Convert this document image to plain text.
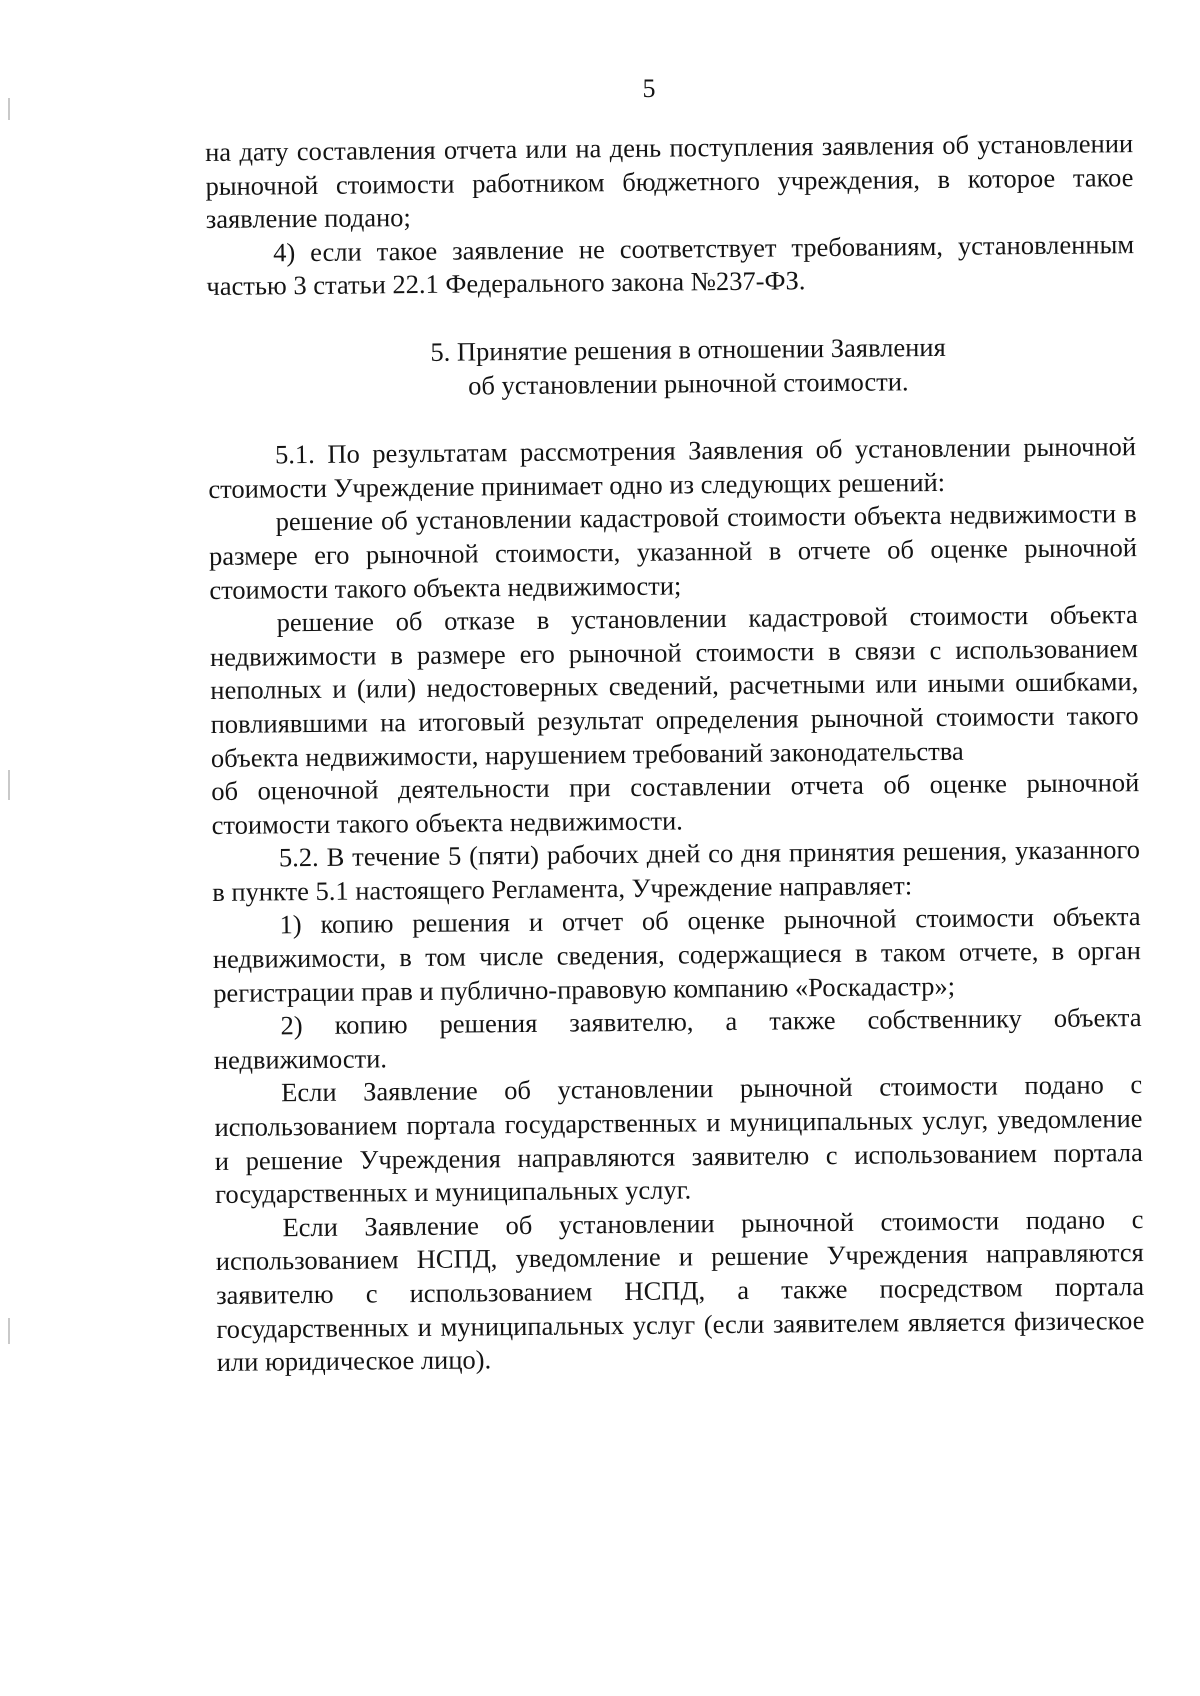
5

на дату составления отчета или на день поступления заявления об установлении рыночной стоимости работником бюджетного учреждения, в которое такое заявление подано;

4) если такое заявление не соответствует требованиям, установленным частью 3 статьи 22.1 Федерального закона №237-ФЗ.

5. Принятие решения в отношении Заявления

об установлении рыночной стоимости.

5.1. По результатам рассмотрения Заявления об установлении рыночной стоимости Учреждение принимает одно из следующих решений:

решение об установлении кадастровой стоимости объекта недвижимости в размере его рыночной стоимости, указанной в отчете об оценке рыночной стоимости такого объекта недвижимости;

решение об отказе в установлении кадастровой стоимости объекта недвижимости в размере его рыночной стоимости в связи с использованием неполных и (или) недостоверных сведений, расчетными или иными ошибками, повлиявшими на итоговый результат определения рыночной стоимости такого объекта недвижимости, нарушением требований законодательства

об оценочной деятельности при составлении отчета об оценке рыночной стоимости такого объекта недвижимости.

5.2. В течение 5 (пяти) рабочих дней со дня принятия решения, указанного в пункте 5.1 настоящего Регламента, Учреждение направляет:

1) копию решения и отчет об оценке рыночной стоимости объекта недвижимости, в том числе сведения, содержащиеся в таком отчете, в орган регистрации прав и публично-правовую компанию «Роскадастр»;

2) копию решения заявителю, а также собственнику объекта недвижимости.

Если Заявление об установлении рыночной стоимости подано с использованием портала государственных и муниципальных услуг, уведомление и решение Учреждения направляются заявителю с использованием портала государственных и муниципальных услуг.

Если Заявление об установлении рыночной стоимости подано с использованием НСПД, уведомление и решение Учреждения направляются заявителю с использованием НСПД, а также посредством портала государственных и муниципальных услуг (если заявителем является физическое или юридическое лицо).
